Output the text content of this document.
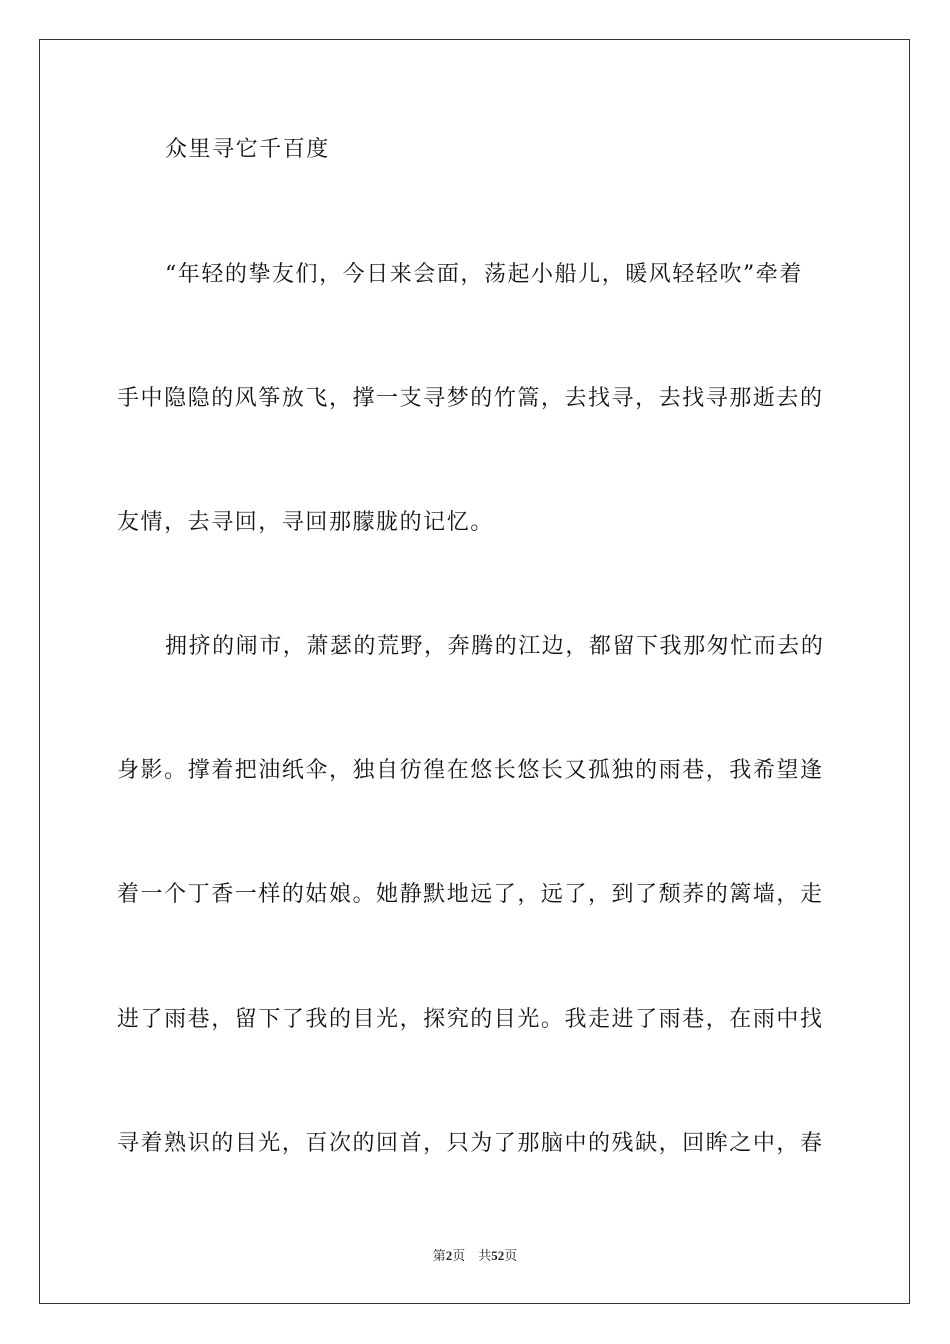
众里寻它千百度
“年轻的挚友们，今日来会面，荡起小船儿，暖风轻轻吹”牵着
手中隐隐的风筝放飞，撑一支寻梦的竹篙，去找寻，去找寻那逝去的
友情，去寻回，寻回那朦胧的记忆。
拥挤的闹市，萧瑟的荒野，奔腾的江边，都留下我那匆忙而去的
身影。撑着把油纸伞，独自彷徨在悠长悠长又孤独的雨巷，我希望逢
着一个丁香一样的姑娘。她静默地远了，远了，到了颓荞的篱墙，走
进了雨巷，留下了我的目光，探究的目光。我走进了雨巷，在雨中找
寻着熟识的目光，百次的回首，只为了那脑中的残缺，回眸之中，春
第2页 共52页
